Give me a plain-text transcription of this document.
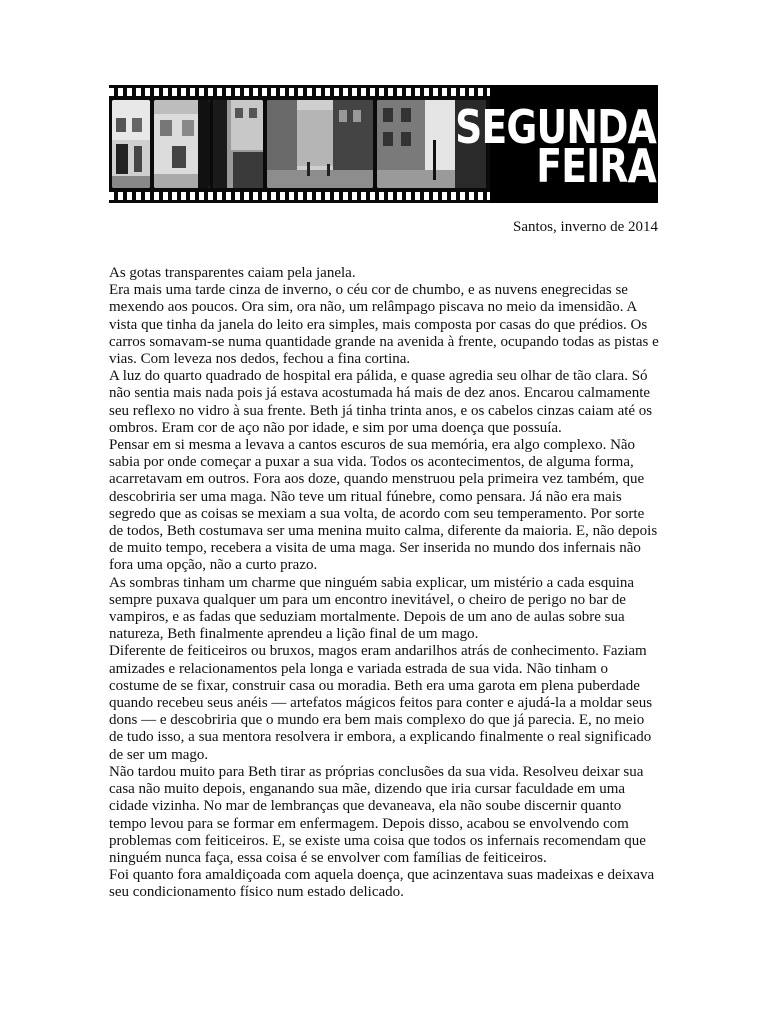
SEGUNDA
FEIRA
Santos, inverno de 2014

As gotas transparentes caiam pela janela.

Era mais uma tarde cinza de inverno, o céu cor de chumbo, e as nuvens enegrecidas se mexendo aos poucos. Ora sim, ora não, um relâmpago piscava no meio da imensidão. A vista que tinha da janela do leito era simples, mais composta por casas do que prédios. Os carros somavam-se numa quantidade grande na avenida à frente, ocupando todas as pistas e vias. Com leveza nos dedos, fechou a fina cortina.

A luz do quarto quadrado de hospital era pálida, e quase agredia seu olhar de tão clara. Só não sentia mais nada pois já estava acostumada há mais de dez anos. Encarou calmamente seu reflexo no vidro à sua frente. Beth já tinha trinta anos, e os cabelos cinzas caiam até os ombros. Eram cor de aço não por idade, e sim por uma doença que possuía.

Pensar em si mesma a levava a cantos escuros de sua memória, era algo complexo. Não sabia por onde começar a puxar a sua vida. Todos os acontecimentos, de alguma forma, acarretavam em outros. Fora aos doze, quando menstruou pela primeira vez também, que descobriria ser uma maga. Não teve um ritual fúnebre, como pensara. Já não era mais segredo que as coisas se mexiam a sua volta, de acordo com seu temperamento. Por sorte de todos, Beth costumava ser uma menina muito calma, diferente da maioria. E, não depois de muito tempo, recebera a visita de uma maga. Ser inserida no mundo dos infernais não fora uma opção, não a curto prazo.

As sombras tinham um charme que ninguém sabia explicar, um mistério a cada esquina sempre puxava qualquer um para um encontro inevitável, o cheiro de perigo no bar de vampiros, e as fadas que seduziam mortalmente. Depois de um ano de aulas sobre sua natureza, Beth finalmente aprendeu a lição final de um mago.

Diferente de feiticeiros ou bruxos, magos eram andarilhos atrás de conhecimento. Faziam amizades e relacionamentos pela longa e variada estrada de sua vida. Não tinham o costume de se fixar, construir casa ou moradia. Beth era uma garota em plena puberdade quando recebeu seus anéis — artefatos mágicos feitos para conter e ajudá-la a moldar seus dons — e descobriria que o mundo era bem mais complexo do que já parecia. E, no meio de tudo isso, a sua mentora resolvera ir embora, a explicando finalmente o real significado de ser um mago.

Não tardou muito para Beth tirar as próprias conclusões da sua vida. Resolveu deixar sua casa não muito depois, enganando sua mãe, dizendo que iria cursar faculdade em uma cidade vizinha. No mar de lembranças que devaneava, ela não soube discernir quanto tempo levou para se formar em enfermagem. Depois disso, acabou se envolvendo com problemas com feiticeiros. E, se existe uma coisa que todos os infernais recomendam que ninguém nunca faça, essa coisa é se envolver com famílias de feiticeiros.

Foi quanto fora amaldiçoada com aquela doença, que acinzentava suas madeixas e deixava seu condicionamento físico num estado delicado.
